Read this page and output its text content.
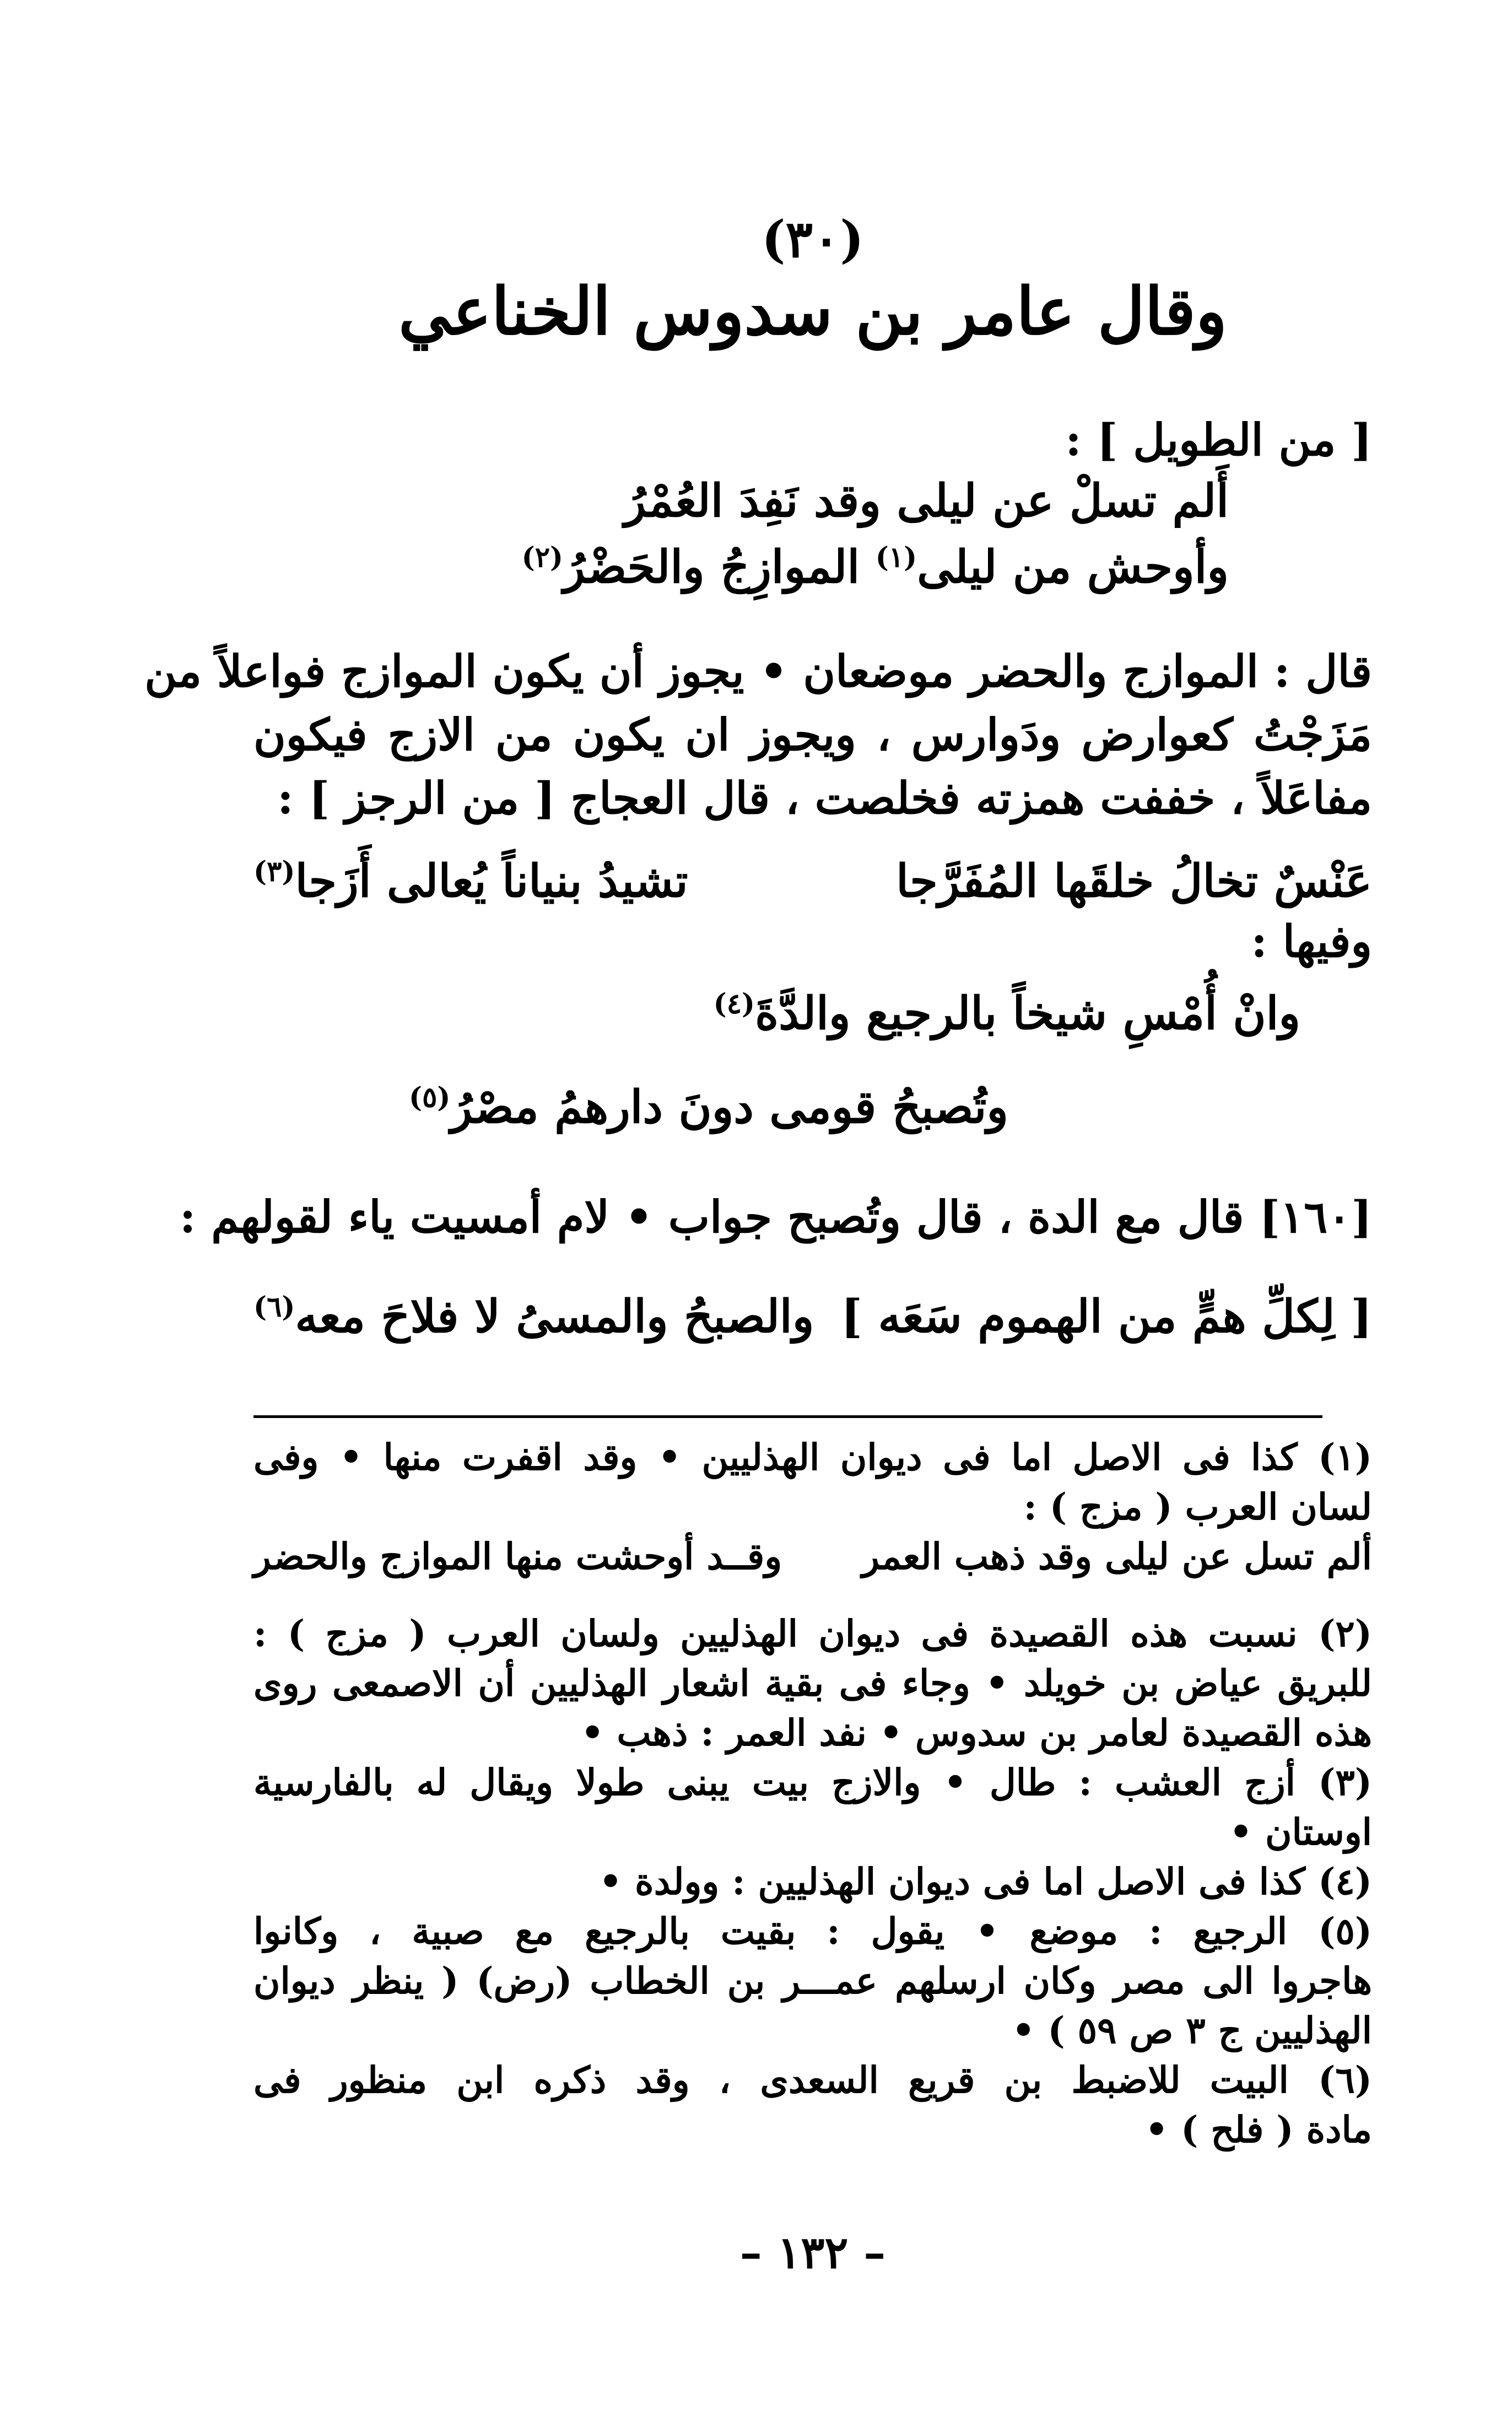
(٣٠)
وقال عامر بن سدوس الخناعي
[ من الطويل ] :
أَلم تسلْ عن ليلى وقد نَفِدَ العُمْرُ
وأوحش من ليلى$^{(١)}$ الموازِجُ والحَضْرُ$^{(٢)}$
قال : الموازج والحضر موضعان • يجوز أن يكون الموازج فواعلاً من
مَزَجْتُ كعوارض ودَوارس ، ويجوز ان يكون من الازج فيكون
مفاعَلاً ، خففت همزته فخلصت ، قال العجاج [ من الرجز ] :
عَنْسٌ تخالُ خلقَها المُفَرَّجا
تشيدُ بنياناً يُعالى أَزَجا$^{(٣)}$
وفيها :
وانْ أُمْسِ شيخاً بالرجيع والدَّةَ$^{(٤)}$
وتُصبحُ قومى دونَ دارهمُ مصْرُ$^{(٥)}$
[١٦٠] قال مع الدة ، قال وتُصبح جواب • لام أمسيت ياء لقولهم :
[ لِكلِّ همٍّ من الهموم سَعَه ]
والصبحُ والمسىُ لا فلاحَ معه$^{(٦)}$
(١) كذا فى الاصل اما فى ديوان الهذليين • وقد اقفرت منها • وفى
لسان العرب ( مزج ) :
ألم تسل عن ليلى وقد ذهب العمر
وقــد أوحشت منها الموازج والحضر
(٢) نسبت هذه القصيدة فى ديوان الهذليين ولسان العرب ( مزج ) :
للبريق عياض بن خويلد • وجاء فى بقية اشعار الهذليين أن الاصمعى روى
هذه القصيدة لعامر بن سدوس • نفد العمر : ذهب •
(٣) أزج العشب : طال • والازج بيت يبنى طولا ويقال له بالفارسية
اوستان •
(٤) كذا فى الاصل اما فى ديوان الهذليين : وولدة •
(٥) الرجيع : موضع • يقول : بقيت بالرجيع مع صبية ، وكانوا
هاجروا الى مصر وكان ارسلهم عمـــر بن الخطاب (رض) ( ينظر ديوان
الهذليين ج ٣ ص ٥٩ ) •
(٦) البيت للاضبط بن قريع السعدى ، وقد ذكره ابن منظور فى
مادة ( فلح ) •
– ١٣٢ –
